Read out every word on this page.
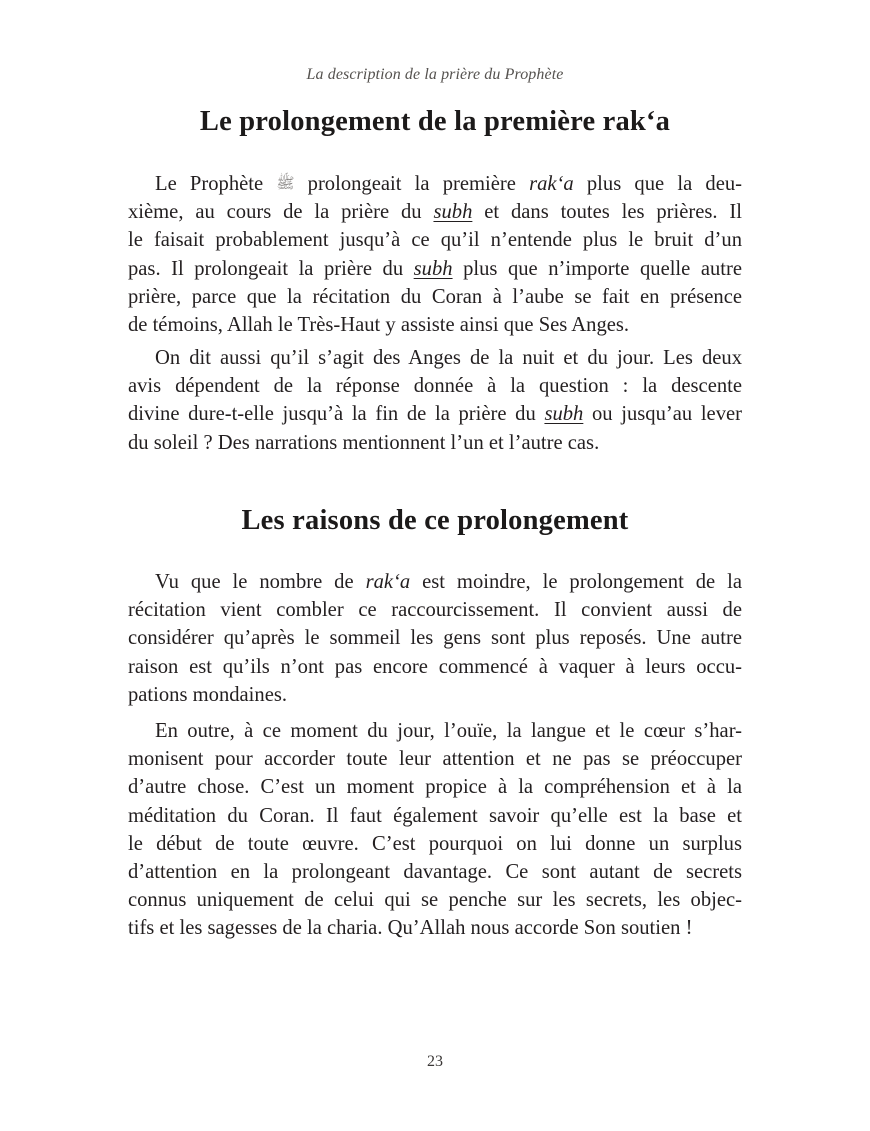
La description de la prière du Prophète
Le prolongement de la première rak‘a
Le Prophète ﷺ prolongeait la première rak‘a plus que la deu-
xième, au cours de la prière du subh et dans toutes les prières. Il
le faisait probablement jusqu’à ce qu’il n’entende plus le bruit d’un
pas. Il prolongeait la prière du subh plus que n’importe quelle autre
prière, parce que la récitation du Coran à l’aube se fait en présence
de témoins, Allah le Très-Haut y assiste ainsi que Ses Anges.
On dit aussi qu’il s’agit des Anges de la nuit et du jour. Les deux
avis dépendent de la réponse donnée à la question : la descente
divine dure-t-elle jusqu’à la fin de la prière du subh ou jusqu’au lever
du soleil ? Des narrations mentionnent l’un et l’autre cas.
Les raisons de ce prolongement
Vu que le nombre de rak‘a est moindre, le prolongement de la
récitation vient combler ce raccourcissement. Il convient aussi de
considérer qu’après le sommeil les gens sont plus reposés. Une autre
raison est qu’ils n’ont pas encore commencé à vaquer à leurs occu-
pations mondaines.
En outre, à ce moment du jour, l’ouïe, la langue et le cœur s’har-
monisent pour accorder toute leur attention et ne pas se préoccuper
d’autre chose. C’est un moment propice à la compréhension et à la
méditation du Coran. Il faut également savoir qu’elle est la base et
le début de toute œuvre. C’est pourquoi on lui donne un surplus
d’attention en la prolongeant davantage. Ce sont autant de secrets
connus uniquement de celui qui se penche sur les secrets, les objec-
tifs et les sagesses de la charia. Qu’Allah nous accorde Son soutien !
23
